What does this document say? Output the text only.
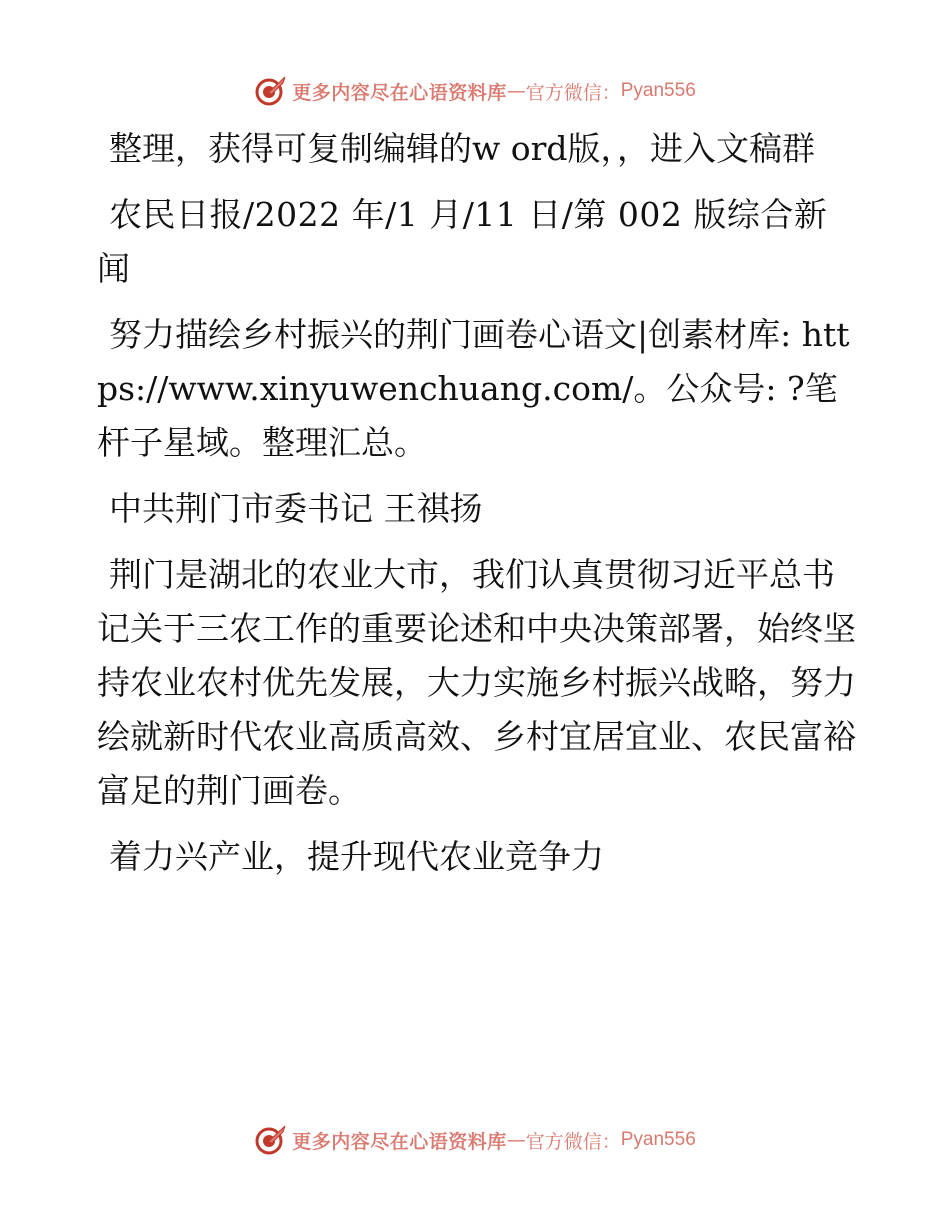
更多内容尽在心语资料库 — 官方微信： Pyan556

整理，获得可复制编辑的w ord版，，进入文稿群

农民日报/2022 年/1 月/11 日/第 002 版综合新闻

努力描绘乡村振兴的荆门画卷心语文|创素材库: https://www.xinyuwenchuang.com/。公众号: ?笔杆子星域。整理汇总。

中共荆门市委书记 王祺扬

荆门是湖北的农业大市，我们认真贯彻习近平总书记关于三农工作的重要论述和中央决策部署，始终坚持农业农村优先发展，大力实施乡村振兴战略，努力绘就新时代农业高质高效、乡村宜居宜业、农民富裕富足的荆门画卷。

着力兴产业，提升现代农业竞争力

更多内容尽在心语资料库 — 官方微信： Pyan556
